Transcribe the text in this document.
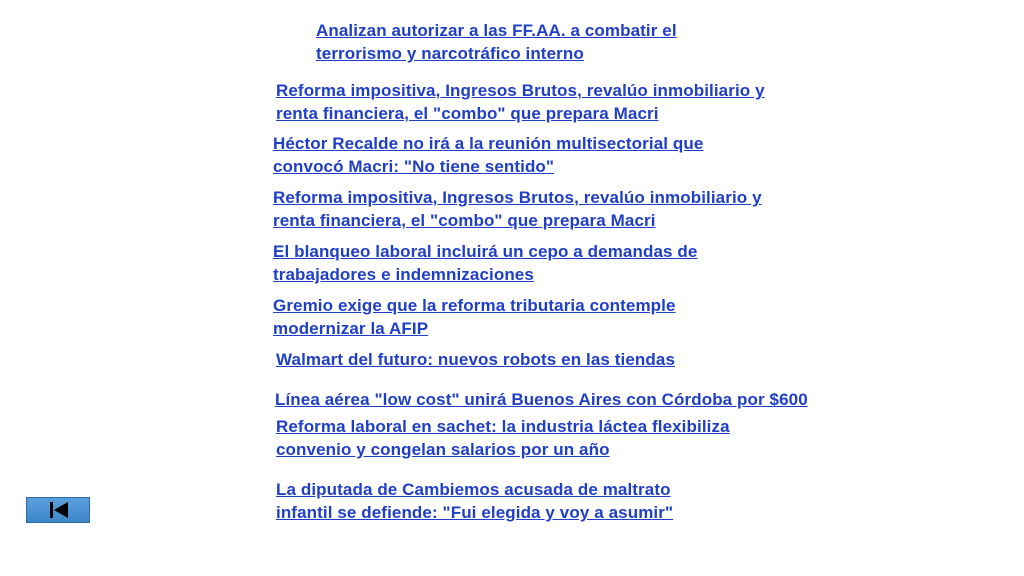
Analizan autorizar a las FF.AA. a combatir el
terrorismo y narcotráfico interno
Reforma impositiva, Ingresos Brutos, revalúo inmobiliario y
renta financiera, el "combo" que prepara Macri
Héctor Recalde no irá a la reunión multisectorial que
convocó Macri: "No tiene sentido"
Reforma impositiva, Ingresos Brutos, revalúo inmobiliario y
renta financiera, el "combo" que prepara Macri
El blanqueo laboral incluirá un cepo a demandas de
trabajadores e indemnizaciones
Gremio exige que la reforma tributaria contemple
modernizar la AFIP
Walmart del futuro: nuevos robots en las tiendas
Línea aérea "low cost" unirá Buenos Aires con Córdoba por $600
Reforma laboral en sachet: la industria láctea flexibiliza
convenio y congelan salarios por un año
La diputada de Cambiemos acusada de maltrato
infantil se defiende: "Fui elegida y voy a asumir"
